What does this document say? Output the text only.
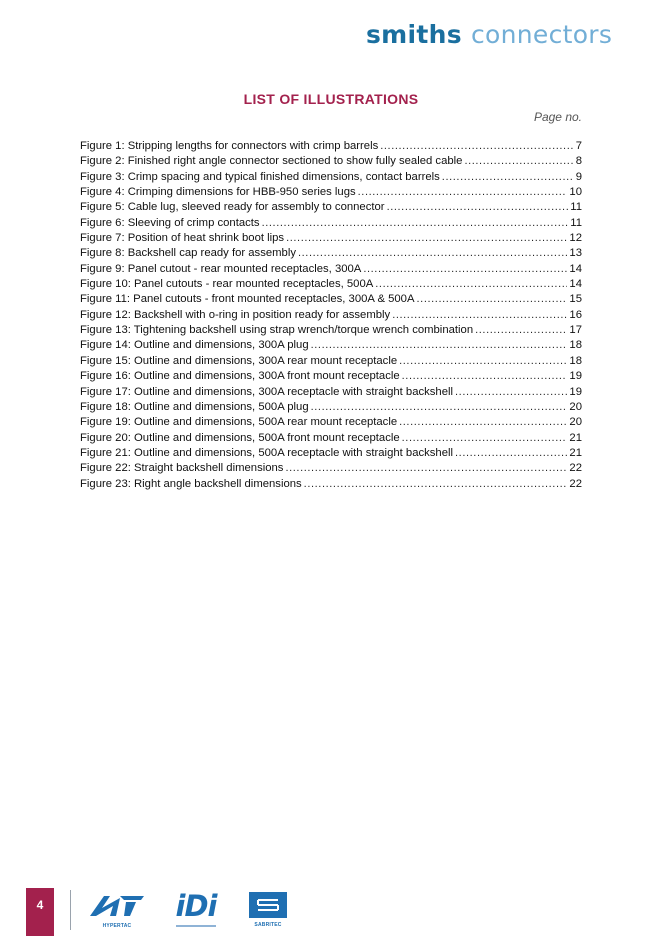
smiths connectors
LIST OF ILLUSTRATIONS
Page no.
Figure 1: Stripping lengths for connectors with crimp barrels .....	7
Figure 2: Finished right angle connector sectioned to show fully sealed cable .....	8
Figure 3: Crimp spacing and typical finished dimensions, contact barrels .....	9
Figure 4: Crimping dimensions for HBB-950 series lugs .....	10
Figure 5: Cable lug, sleeved ready for assembly to connector .....	11
Figure 6: Sleeving of crimp contacts .....	11
Figure 7: Position of heat shrink boot lips .....	12
Figure 8: Backshell cap ready for assembly .....	13
Figure 9: Panel cutout - rear mounted receptacles, 300A .....	14
Figure 10: Panel cutouts - rear mounted receptacles, 500A .....	14
Figure 11: Panel cutouts - front mounted receptacles, 300A & 500A .....	15
Figure 12: Backshell with o-ring in position ready for assembly .....	16
Figure 13: Tightening backshell using strap wrench/torque wrench combination .....	17
Figure 14: Outline and dimensions, 300A plug .....	18
Figure 15: Outline and dimensions, 300A rear mount receptacle .....	18
Figure 16: Outline and dimensions, 300A front mount receptacle .....	19
Figure 17: Outline and dimensions, 300A receptacle with straight backshell .....	19
Figure 18: Outline and dimensions, 500A plug .....	20
Figure 19: Outline and dimensions, 500A rear mount receptacle .....	20
Figure 20: Outline and dimensions, 500A front mount receptacle .....	21
Figure 21: Outline and dimensions, 500A receptacle with straight backshell .....	21
Figure 22: Straight backshell dimensions .....	22
Figure 23: Right angle backshell dimensions .....	22
4
HYPERTAC
iDi
SABRITEC
